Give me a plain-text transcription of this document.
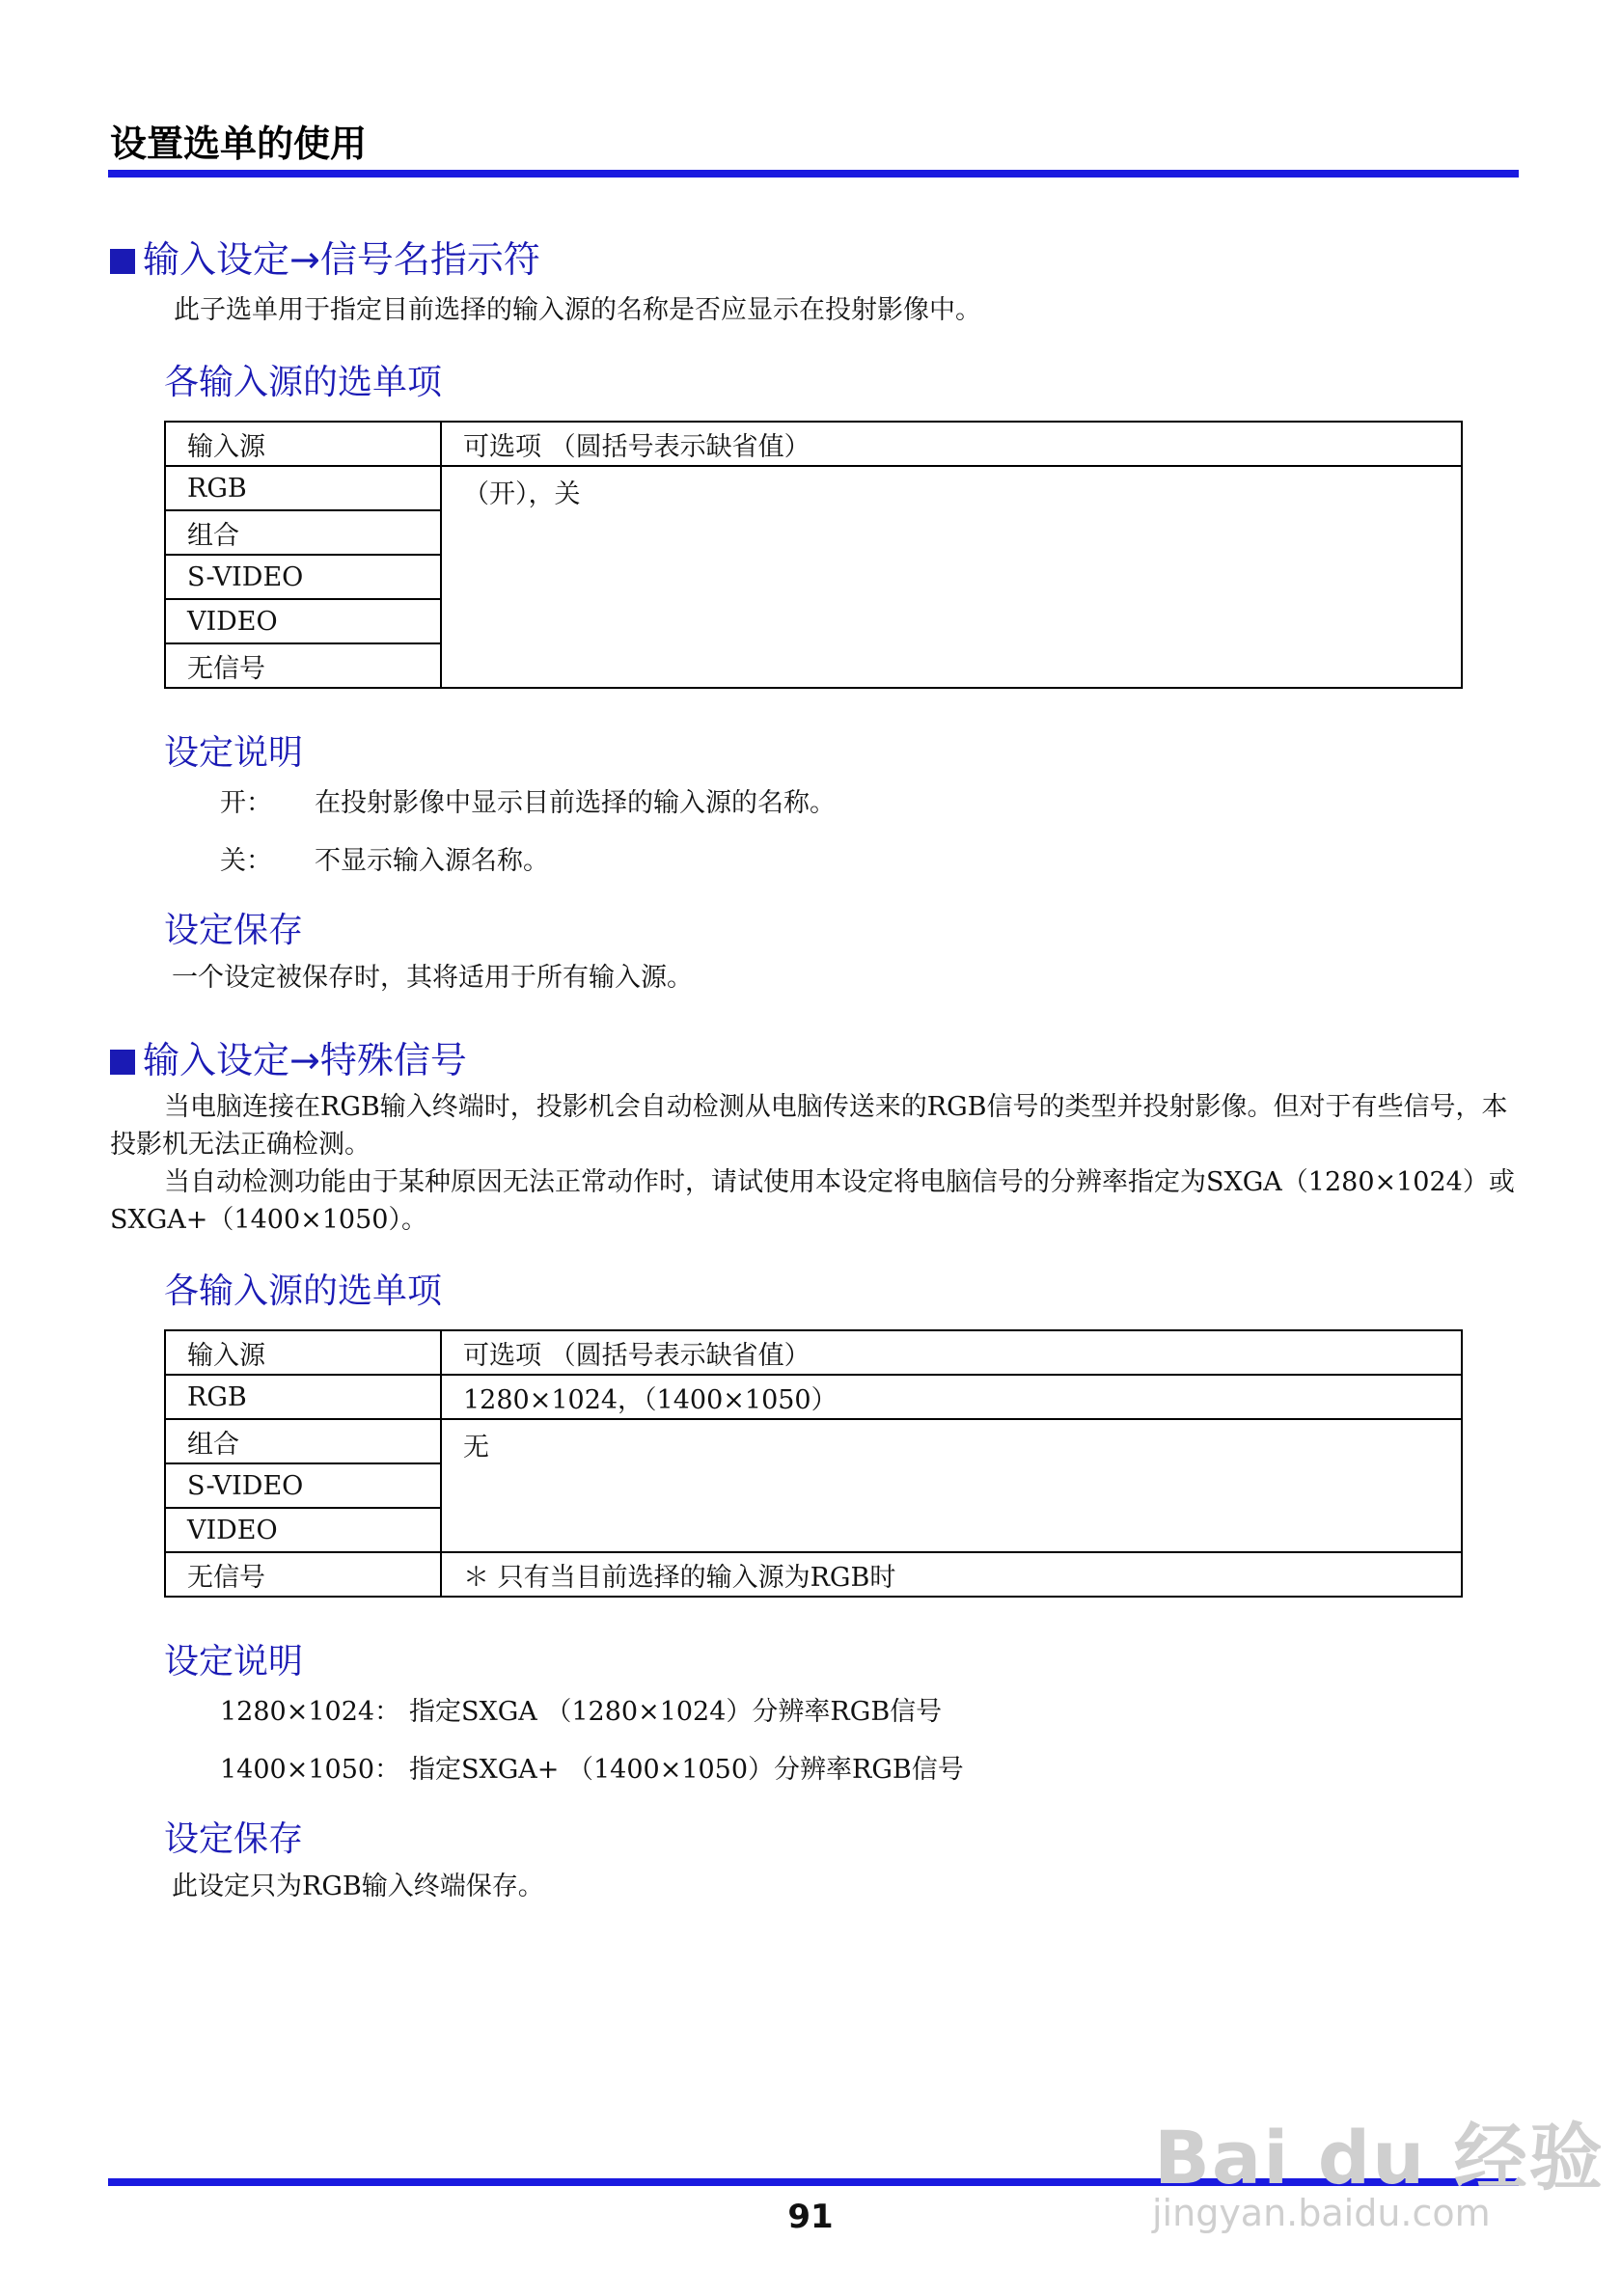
设置选单的使用
输入设定→信号名指示符
此子选单用于指定目前选择的输入源的名称是否应显示在投射影像中。
各输入源的选单项
输入源	可选项 （圆括号表示缺省值）
RGB	（开），关
组合	
S-VIDEO	
VIDEO	
无信号	
设定说明
开： 在投射影像中显示目前选择的输入源的名称。
关： 不显示输入源名称。
设定保存
一个设定被保存时，其将适用于所有输入源。
输入设定→特殊信号
当电脑连接在RGB输入终端时，投影机会自动检测从电脑传送来的RGB信号的类型并投射影像。但对于有些信号，本投影机无法正确检测。
当自动检测功能由于某种原因无法正常动作时，请试使用本设定将电脑信号的分辨率指定为SXGA（1280×1024）或SXGA+（1400×1050）。
各输入源的选单项
输入源	可选项 （圆括号表示缺省值）
RGB	1280×1024，（1400×1050）
组合	无
S-VIDEO	
VIDEO	
无信号	＊ 只有当目前选择的输入源为RGB时
设定说明
1280×1024： 指定SXGA （1280×1024）分辨率RGB信号
1400×1050： 指定SXGA+ （1400×1050）分辨率RGB信号
设定保存
此设定只为RGB输入终端保存。
91
Bai du 经验
jingyan.baidu.com
